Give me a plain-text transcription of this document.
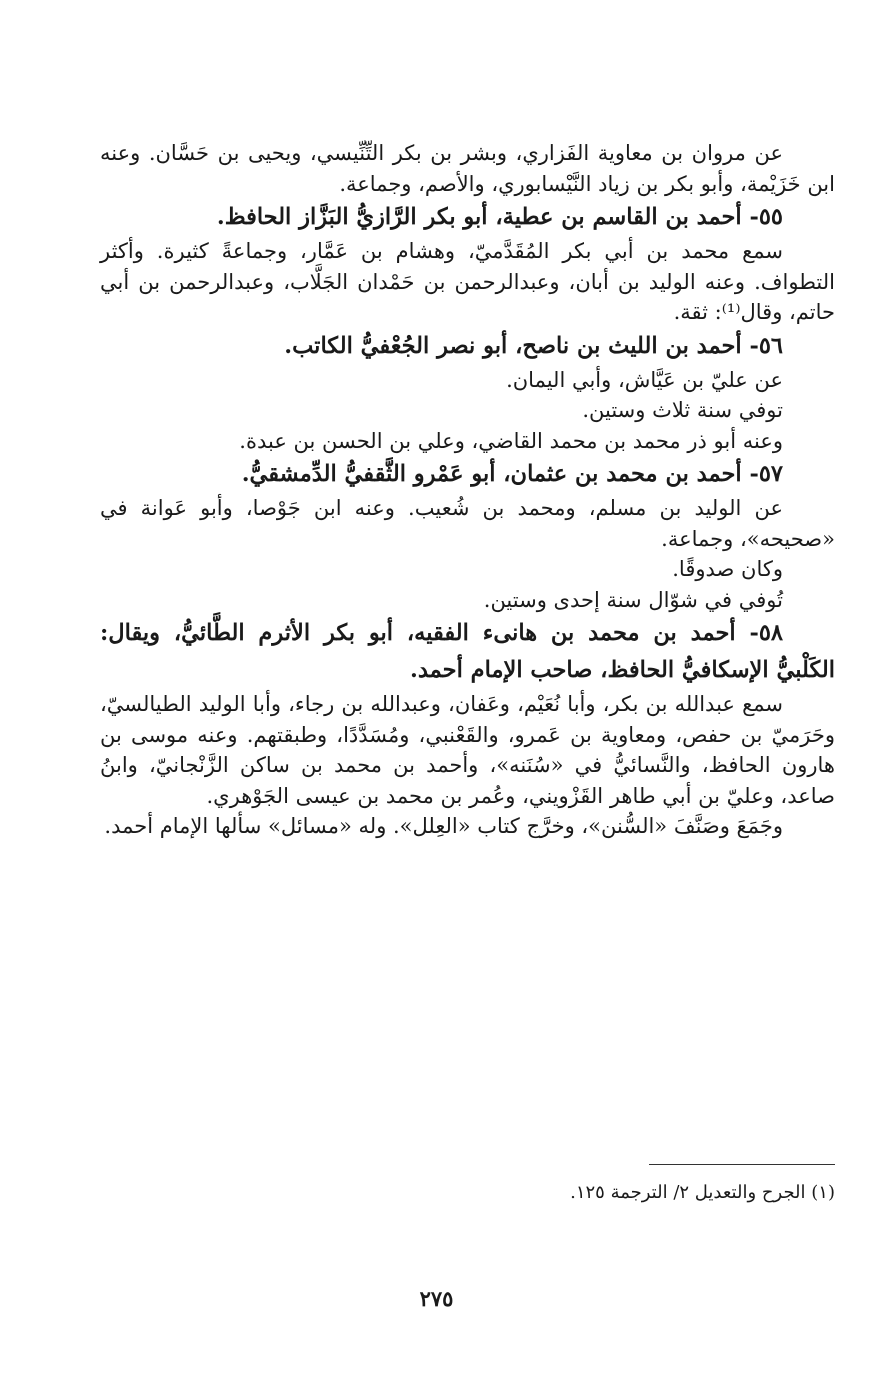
عن مروان بن معاوية الفَزاري، وبشر بن بكر التِّنِّيسي، ويحيى بن حَسَّان. وعنه ابن خَزَيْمة، وأبو بكر بن زياد النَّيْسابوري، والأصم، وجماعة.

٥٥- أحمد بن القاسم بن عطية، أبو بكر الرَّازيُّ البَزَّاز الحافظ.

سمع محمد بن أبي بكر المُقَدَّميّ، وهشام بن عَمَّار، وجماعةً كثيرة. وأكثر التطواف. وعنه الوليد بن أبان، وعبدالرحمن بن حَمْدان الجَلَّاب، وعبدالرحمن بن أبي حاتم، وقال⁽¹⁾: ثقة.

٥٦- أحمد بن الليث بن ناصح، أبو نصر الجُعْفيُّ الكاتب.

عن عليّ بن عَيَّاش، وأبي اليمان.

توفي سنة ثلاث وستين.

وعنه أبو ذر محمد بن محمد القاضي، وعلي بن الحسن بن عبدة.

٥٧- أحمد بن محمد بن عثمان، أبو عَمْرو الثَّقفيُّ الدِّمشقيُّ.

عن الوليد بن مسلم، ومحمد بن شُعيب. وعنه ابن جَوْصا، وأبو عَوانة في «صحيحه»، وجماعة.

وكان صدوقًا.

تُوفي في شوّال سنة إحدى وستين.

٥٨- أحمد بن محمد بن هانىء الفقيه، أبو بكر الأثرم الطَّائيُّ، ويقال: الكَلْبيُّ الإسكافيُّ الحافظ، صاحب الإمام أحمد.

سمع عبدالله بن بكر، وأبا نُعَيْم، وعَفان، وعبدالله بن رجاء، وأبا الوليد الطيالسيّ، وحَرَميّ بن حفص، ومعاوية بن عَمرو، والقَعْنبي، ومُسَدَّدًا، وطبقتهم. وعنه موسى بن هارون الحافظ، والنَّسائيُّ في «سُنَنه»، وأحمد بن محمد بن ساكن الزَّنْجانيّ، وابنُ صاعد، وعليّ بن أبي طاهر القَزْويني، وعُمر بن محمد بن عيسى الجَوْهري.

وجَمَعَ وصَنَّفَ «السُّنن»، وخرَّج كتاب «العِلل». وله «مسائل» سألها الإمام أحمد.

(١) الجرح والتعديل ٢/ الترجمة ١٢٥.
٢٧٥
